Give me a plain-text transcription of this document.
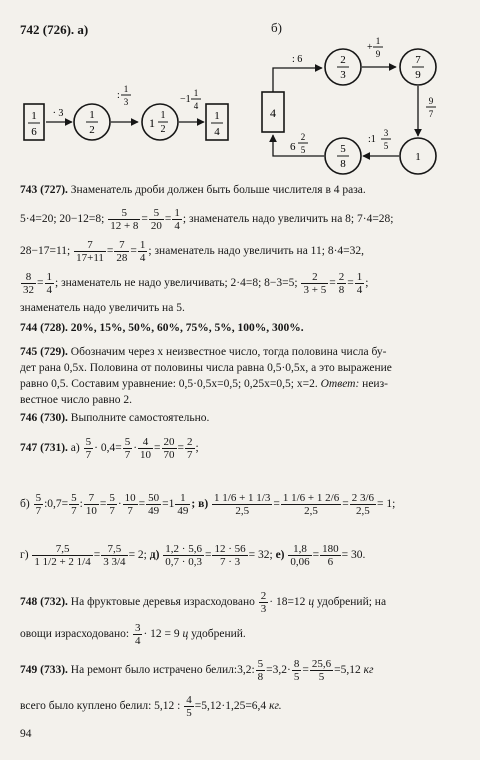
742 (726). а)	б)
1
6
· 3 1
2
:
1
3
1
1
2
−1
1
4
1
4
4
: 6	2
3
+
1
9	7
9
9
7
1
:1
3
5
5
8
6
2
5
743 (727). Знаменатель дроби должен быть больше числителя в 4 раза.
5·4=20; 20−12=8; $\frac{5}{12 + 8} = \frac{5}{20} = \frac{1}{4}$ ; знаменатель надо увеличить на 8; 7·4=28;
28−17=11; $\frac{7}{17+11} = \frac{7}{28} = \frac{1}{4}$ ; знаменатель надо увеличить на 11; 8·4=32,
$\frac{8}{32} = \frac{1}{4}$ ; знаменатель не надо увеличивать; 2·4=8; 8−3=5; $\frac{2}{3 + 5} = \frac{2}{8} = \frac{1}{4}$ ;
знаменатель надо увеличить на 5.
744 (728). 20%, 15%, 50%, 60%, 75%, 5%, 100%, 300%.
745 (729). Обозначим через x неизвестное число, тогда половина числа бу-
дет рана 0,5x. Половина от половины числа равна 0,5·0,5x, а это выражение
равно 0,5. Составим уравнение: 0,5·0,5x=0,5; 0,25x=0,5; x=2. Ответ: неиз-
вестное число равно 2.
746 (730). Выполните самостоятельно.
747 (731). $а) \frac{5}{7} \cdot 0,4= \frac{5}{7} \cdot \frac{4}{10} = \frac{20}{70} = \frac{2}{7}$ ;
$б) \frac{5}{7}$ :0,7= $\frac{5}{7}$ : $\frac{7}{10} = \frac{5}{7} \cdot \frac{10}{7} = \frac{50}{49} =1 \frac{1}{49}$ ; $в) \frac{1 1/6 + 1 1/3}{2,5} = \frac{1 1/6 + 1 2/6}{2,5} = \frac{2 3/6}{2,5} = 1$;
$г) \frac{7,5}{1 1/2 + 2 1/4} = \frac{7,5}{3 3/4} = 2$; $д) \frac{1,2 \cdot 5,6}{0,7 \cdot 0,3} = \frac{12 \cdot 56}{7 \cdot 3} = 32$; $е) \frac{1,8}{0,06} = \frac{180}{6} = 30$.
748 (732). На фруктовые деревья израсходовано $\frac{2}{3} \cdot 18=12$ ц удобрений; на
овощи израсходовано: $\frac{3}{4} \cdot 12 = 9$ ц удобрений.
749 (733). На ремонт было истрачено белил:3,2: $\frac{5}{8} =3,2\cdot \frac{8}{5} = \frac{25,6}{5} =5,12$ кг
всего было куплено белил: 5,12 : $\frac{4}{5} =5,12\cdot 1,25=6,4$ кг.
94
